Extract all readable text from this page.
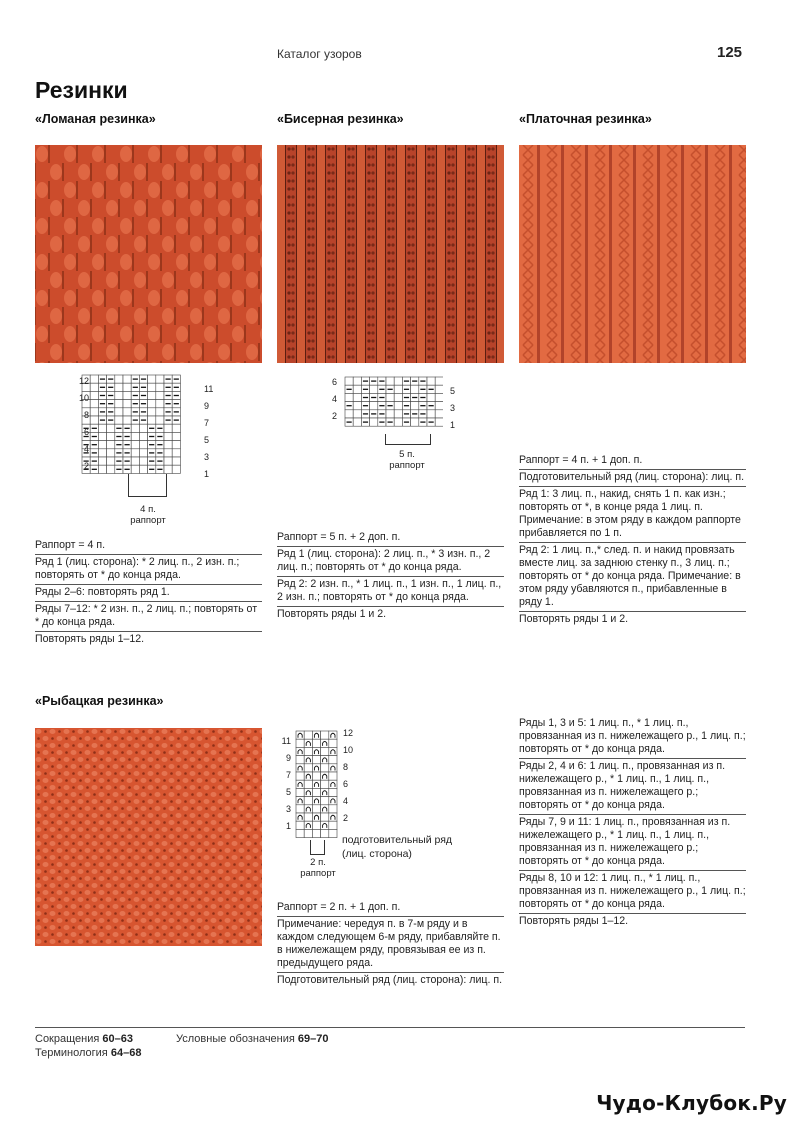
Каталог узоров	125
Резинки
«Ломаная резинка»	«Бисерная резинка»	«Платочная резинка»
«Рыбацкая резинка»
12
10
8
6
4
2
11
9
7
5
3
1
4 п.
раппорт
6
4
2
5
3
1
5 п.
раппорт
11
9
7
5
3
1
12
10
8
6
4
2
подготовительный ряд (лиц. сторона)
2 п.
раппорт
Раппорт = 4 п.
Ряд 1 (лиц. сторона): * 2 лиц. п., 2 изн. п.; повторять от * до конца ряда.
Ряды 2–6: повторять ряд 1.
Ряды 7–12: * 2 изн. п., 2 лиц. п.; повторять от * до конца ряда.
Повторять ряды 1–12.
Раппорт = 5 п. + 2 доп. п.
Ряд 1 (лиц. сторона): 2 лиц. п., * 3 изн. п., 2 лиц. п.; повторять от * до конца ряда.
Ряд 2: 2 изн. п., * 1 лиц. п., 1 изн. п., 1 лиц. п., 2 изн. п.; повторять от * до конца ряда.
Повторять ряды 1 и 2.
Раппорт = 4 п. + 1 доп. п.
Подготовительный ряд (лиц. сторона): лиц. п.
Ряд 1: 3 лиц. п., накид, снять 1 п. как изн.; повторять от *, в конце ряда 1 лиц. п. Примечание: в этом ряду в каждом раппорте прибавляется по 1 п.
Ряд 2: 1 лиц. п.,* след. п. и накид провязать вместе лиц. за заднюю стенку п., 3 лиц. п.; повторять от * до конца ряда. Примечание: в этом ряду убавляются п., прибавленные в ряду 1.
Повторять ряды 1 и 2.
Раппорт = 2 п. + 1 доп. п.
Примечание: чередуя п. в 7-м ряду и в каждом следующем 6-м ряду, прибавляйте п. в нижележащем ряду, провязывая ее из п. предыдущего ряда.
Подготовительный ряд (лиц. сторона): лиц. п.
Ряды 1, 3 и 5: 1 лиц. п., * 1 лиц. п., провязанная из п. нижележащего р., 1 лиц. п.; повторять от * до конца ряда.
Ряды 2, 4 и 6: 1 лиц. п., провязанная из п. нижележащего р., * 1 лиц. п., 1 лиц. п., провязанная из п. нижележащего р.; повторять от * до конца ряда.
Ряды 7, 9 и 11: 1 лиц. п., провязанная из п. нижележащего р., * 1 лиц. п., 1 лиц. п., провязанная из п. нижележащего р.; повторять от * до конца ряда.
Ряды 8, 10 и 12: 1 лиц. п., * 1 лиц. п., провязанная из п. нижележащего р., 1 лиц. п.; повторять от * до конца ряда.
Повторять ряды 1–12.
Сокращения 60–63
Терминология 64–68
Условные обозначения 69–70
Чудо-Клубок.Ру
